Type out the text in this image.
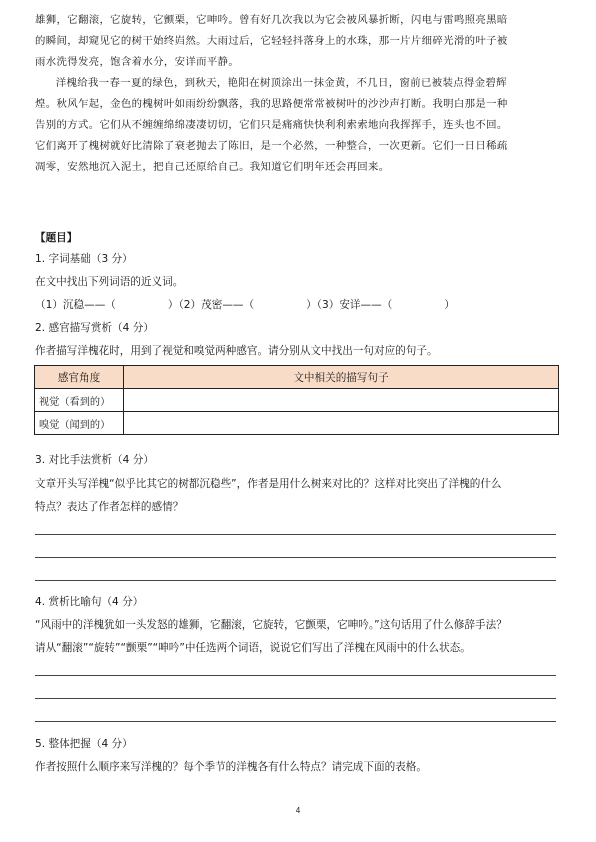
雄狮，它翻滚，它旋转，它颤栗，它呻吟。曾有好几次我以为它会被风暴折断，闪电与雷鸣照亮黑暗

的瞬间，却窥见它的树干始终岿然。大雨过后，它轻轻抖落身上的水珠，那一片片细碎光滑的叶子被

雨水洗得发亮，饱含着水分，安详而平静。

洋槐给我一春一夏的绿色，到秋天，艳阳在树顶涂出一抹金黄，不几日，窗前已被装点得金碧辉

煌。秋风乍起，金色的槐树叶如雨纷纷飘落，我的思路便常常被树叶的沙沙声打断。我明白那是一种

告别的方式。它们从不缠缠绵绵凄凄切切，它们只是痛痛快快利利索索地向我挥挥手，连头也不回。

它们离开了槐树就好比清除了衰老抛去了陈旧，是一个必然，一种整合，一次更新。它们一日日稀疏

凋零，安然地沉入泥土，把自己还原给自己。我知道它们明年还会再回来。

【题目】
1. 字词基础（3 分）
在文中找出下列词语的近义词。
（1）沉稳——（	）（2）茂密——（	）（3）安详——（	）
2. 感官描写赏析（4 分）
作者描写洋槐花时，用到了视觉和嗅觉两种感官。请分别从文中找出一句对应的句子。
感官角度	文中相关的描写句子
视觉（看到的）	
嗅觉（闻到的）	
3. 对比手法赏析（4 分）
文章开头写洋槐“似乎比其它的树都沉稳些”，作者是用什么树来对比的？这样对比突出了洋槐的什么
特点？表达了作者怎样的感情？
4. 赏析比喻句（4 分）
“风雨中的洋槐犹如一头发怒的雄狮，它翻滚，它旋转，它颤栗，它呻吟。”这句话用了什么修辞手法？
请从“翻滚”“旋转”“颤栗”“呻吟”中任选两个词语，说说它们写出了洋槐在风雨中的什么状态。
5. 整体把握（4 分）
作者按照什么顺序来写洋槐的？每个季节的洋槐各有什么特点？请完成下面的表格。
4
